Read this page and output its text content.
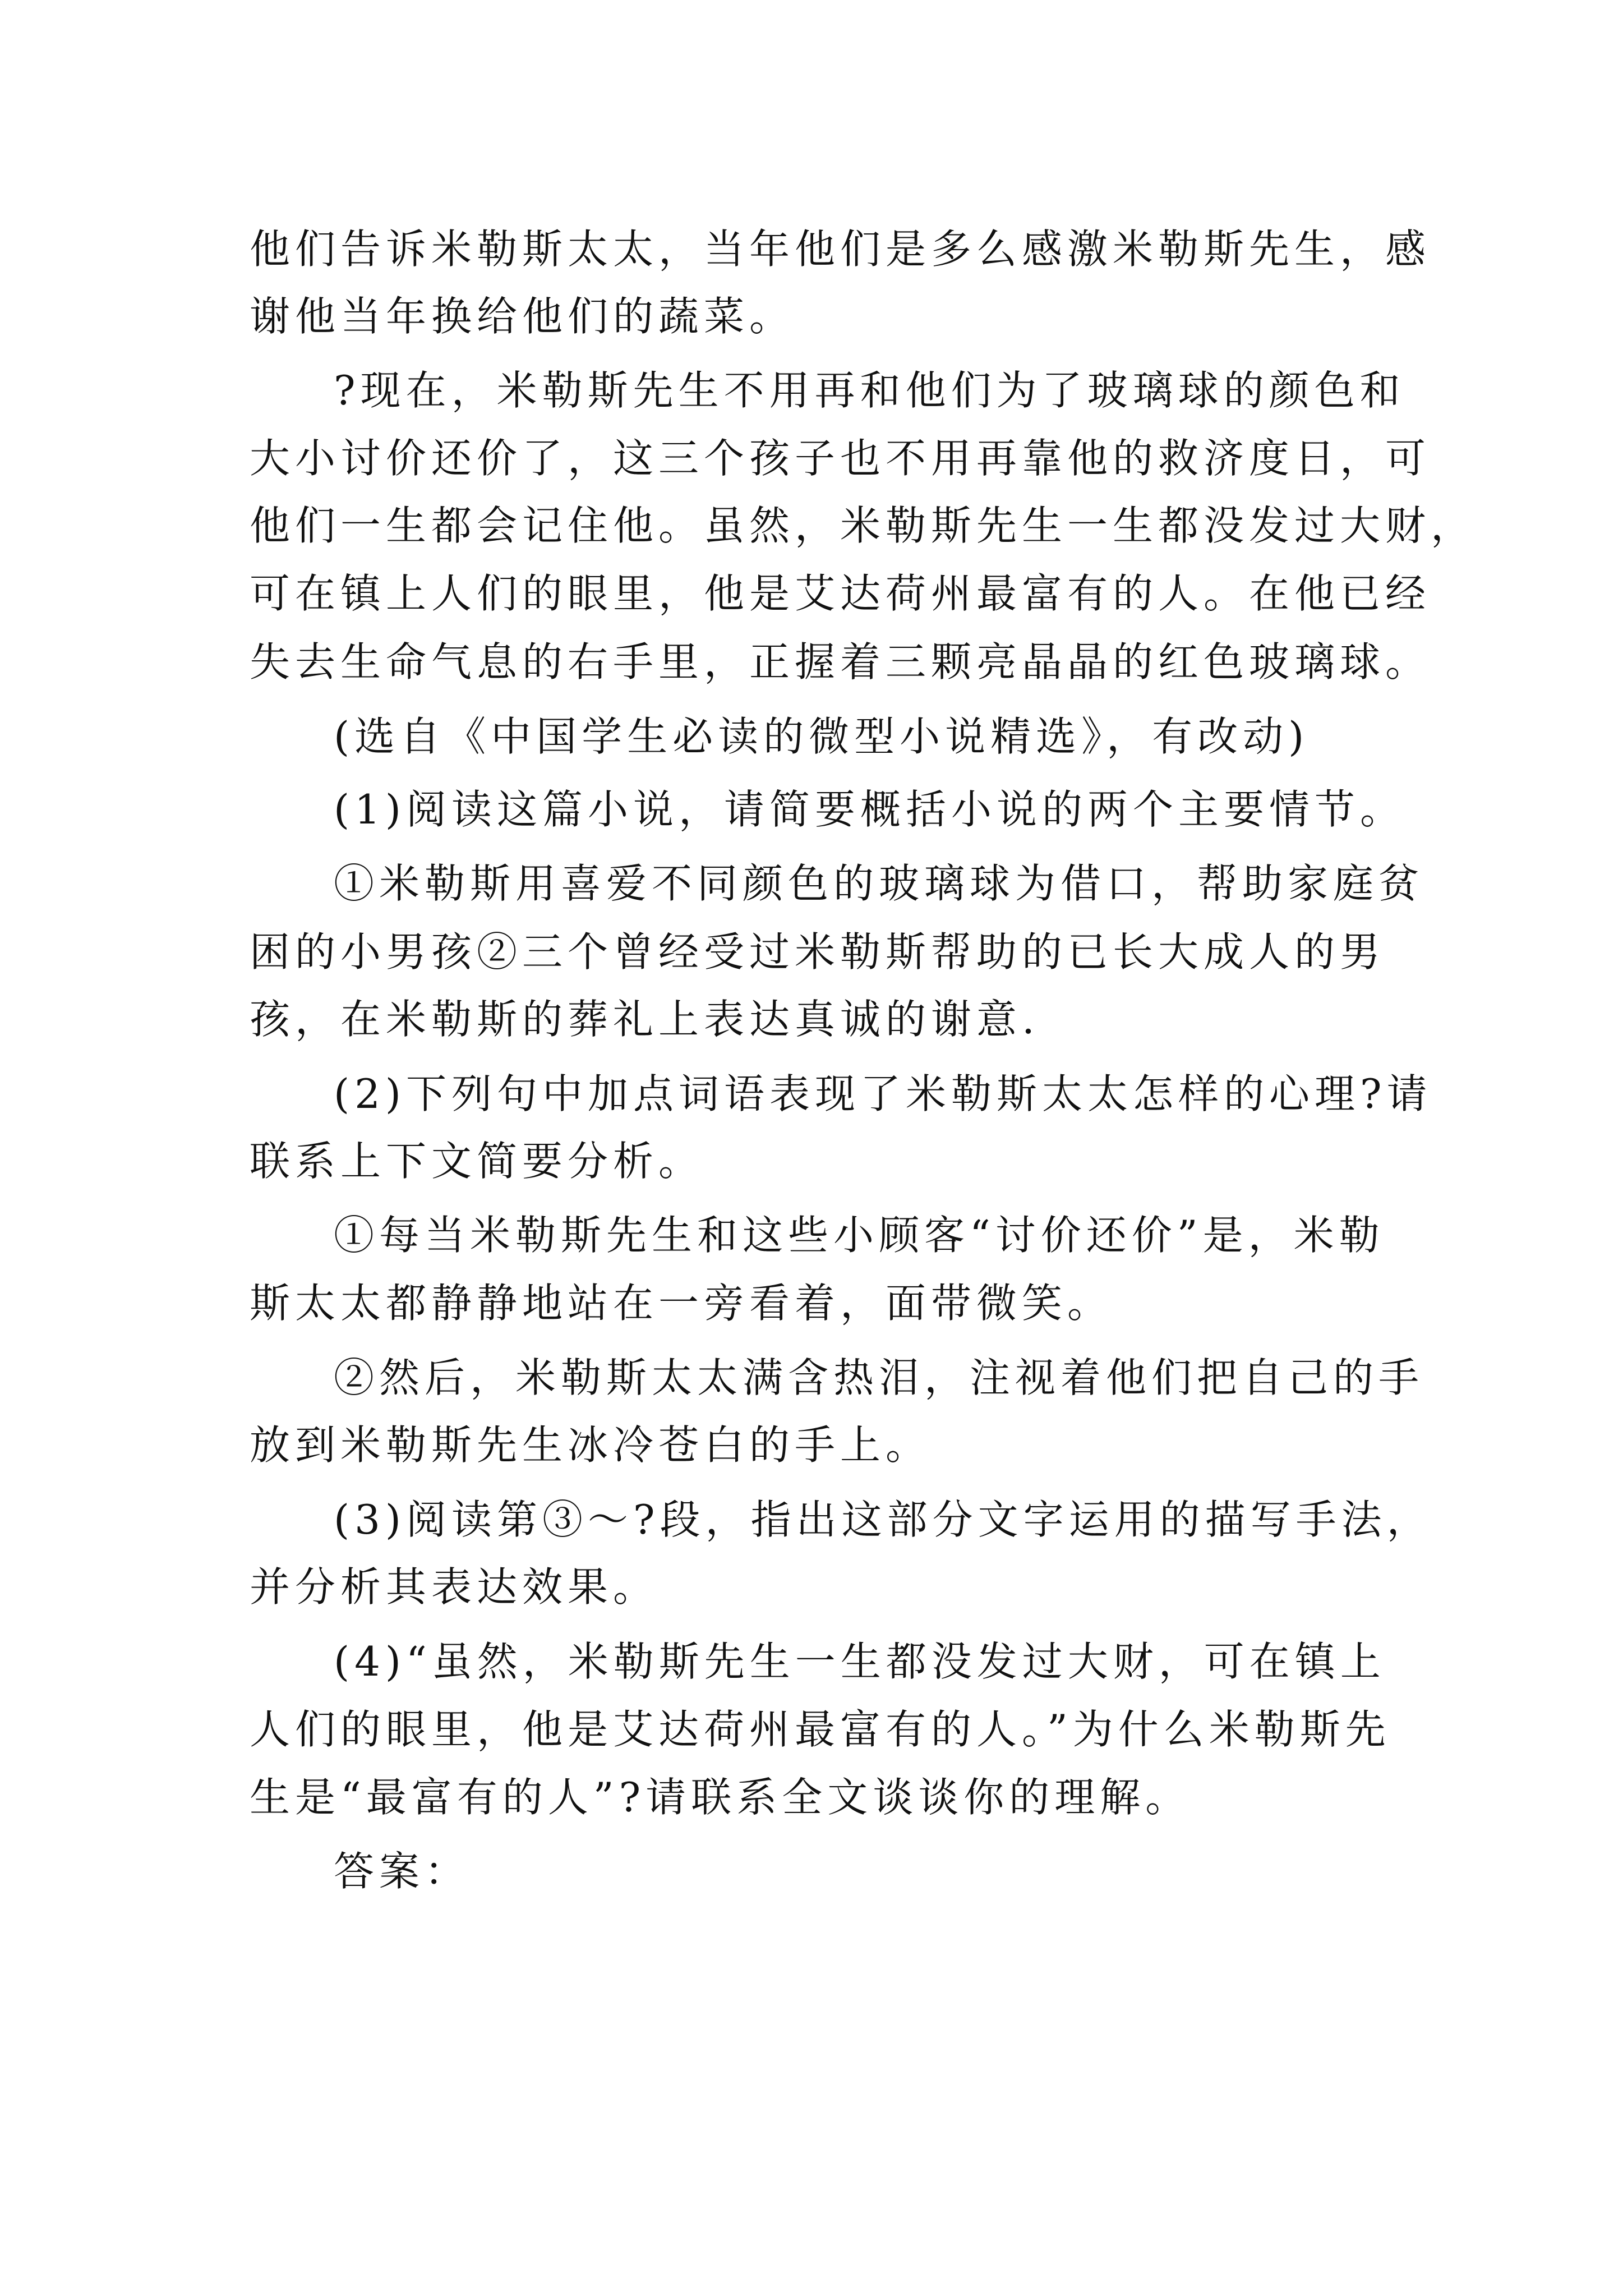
他们告诉米勒斯太太，当年他们是多么感激米勒斯先生，感

谢他当年换给他们的蔬菜。

?现在，米勒斯先生不用再和他们为了玻璃球的颜色和

大小讨价还价了，这三个孩子也不用再靠他的救济度日，可

他们一生都会记住他。虽然，米勒斯先生一生都没发过大财，

可在镇上人们的眼里，他是艾达荷州最富有的人。在他已经

失去生命气息的右手里，正握着三颗亮晶晶的红色玻璃球。

(选自《中国学生必读的微型小说精选》，有改动)

(1)阅读这篇小说，请简要概括小说的两个主要情节。

①米勒斯用喜爱不同颜色的玻璃球为借口，帮助家庭贫

困的小男孩②三个曾经受过米勒斯帮助的已长大成人的男

孩，在米勒斯的葬礼上表达真诚的谢意.

(2)下列句中加点词语表现了米勒斯太太怎样的心理?请

联系上下文简要分析。

①每当米勒斯先生和这些小顾客“讨价还价”是，米勒

斯太太都静静地站在一旁看着，面带微笑。

②然后，米勒斯太太满含热泪，注视着他们把自己的手

放到米勒斯先生冰冷苍白的手上。

(3)阅读第③～?段，指出这部分文字运用的描写手法，

并分析其表达效果。

(4)“虽然，米勒斯先生一生都没发过大财，可在镇上

人们的眼里，他是艾达荷州最富有的人。”为什么米勒斯先

生是“最富有的人”?请联系全文谈谈你的理解。

答案：
